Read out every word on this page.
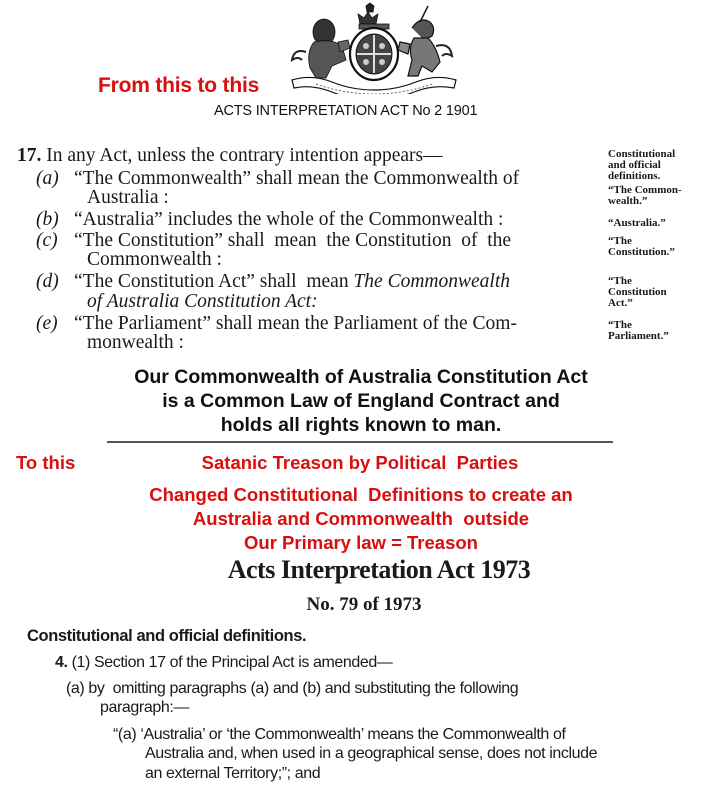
From this to this
ACTS INTERPRETATION ACT No 2 1901
17. In any Act, unless the contrary intention appears—
(a) “The Commonwealth” shall mean the Commonwealth of
Australia :
(b) “Australia” includes the whole of the Commonwealth :
(c) “The Constitution” shall  mean  the Constitution  of  the
Commonwealth :
(d) “The Constitution Act” shall  mean The Commonwealth
of Australia Constitution Act:
(e) “The Parliament” shall mean the Parliament of the Com-
monwealth :
Constitutional
and official
definitions.
“The Common-
wealth.”
“Australia.”
“The
Constitution.”
“The
Constitution
Act.”
“The
Parliament.”
Our Commonwealth of Australia Constitution Act
is a Common Law of England Contract and
holds all rights known to man.
To this	Satanic Treason by Political  Parties
Changed Constitutional  Definitions to create an
Australia and Commonwealth  outside
Our Primary law = Treason
Acts Interpretation Act 1973
No. 79 of 1973
Constitutional and official definitions.
4. (1) Section 17 of the Principal Act is amended—
(a) by  omitting paragraphs (a) and (b) and substituting the following
paragraph:—
“(a) ‘Australia’ or ‘the Commonwealth’ means the Commonwealth of
Australia and, when used in a geographical sense, does not include
an external Territory;”; and
